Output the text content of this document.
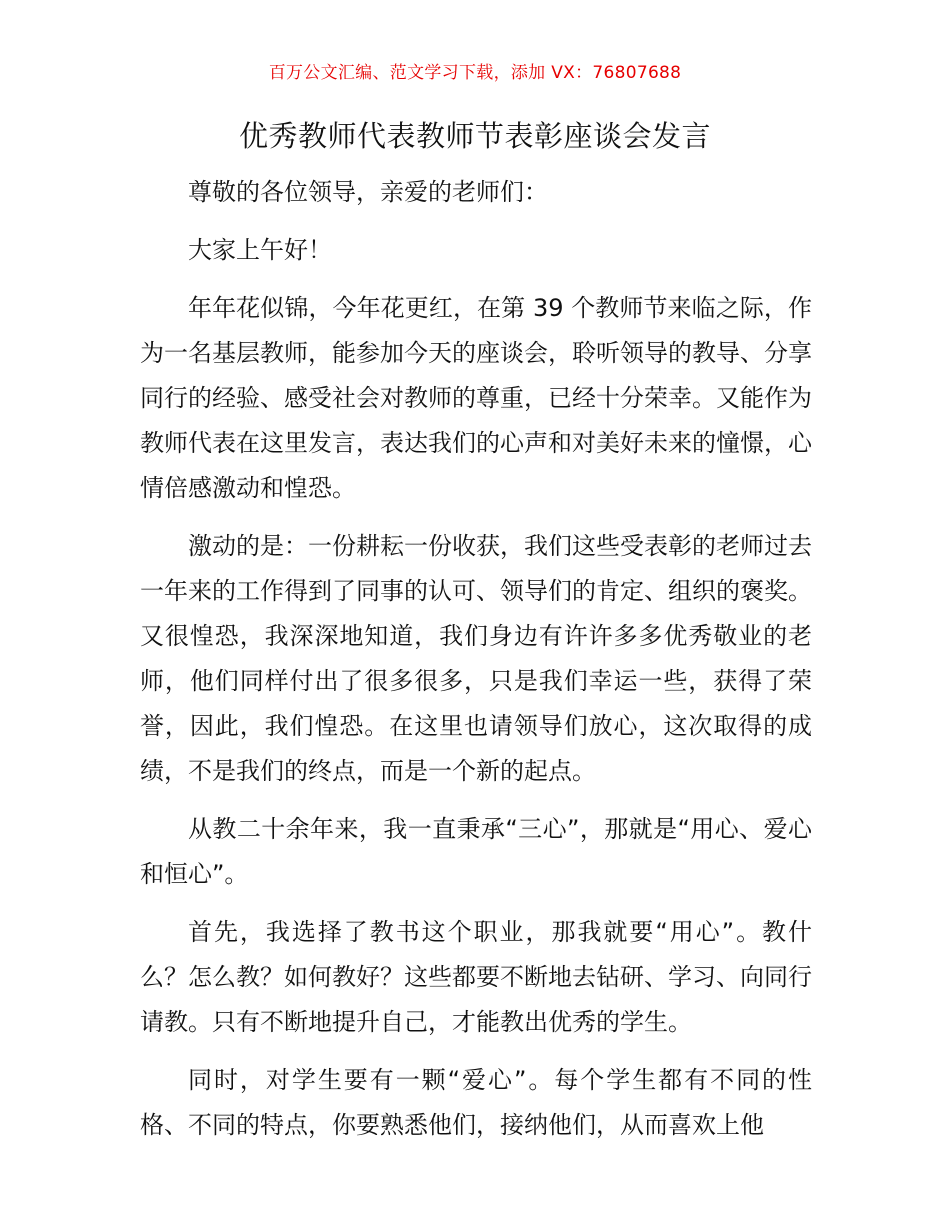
百万公文汇编、范文学习下载，添加 VX：76807688
优秀教师代表教师节表彰座谈会发言

尊敬的各位领导，亲爱的老师们：

大家上午好！

年年花似锦，今年花更红，在第 39 个教师节来临之际，作为一名基层教师，能参加今天的座谈会，聆听领导的教导、分享同行的经验、感受社会对教师的尊重，已经十分荣幸。又能作为教师代表在这里发言，表达我们的心声和对美好未来的憧憬，心情倍感激动和惶恐。

激动的是：一份耕耘一份收获，我们这些受表彰的老师过去一年来的工作得到了同事的认可、领导们的肯定、组织的褒奖。又很惶恐，我深深地知道，我们身边有许许多多优秀敬业的老师，他们同样付出了很多很多，只是我们幸运一些，获得了荣誉，因此，我们惶恐。在这里也请领导们放心，这次取得的成绩，不是我们的终点，而是一个新的起点。

从教二十余年来，我一直秉承“三心”，那就是“用心、爱心和恒心”。

首先，我选择了教书这个职业，那我就要“用心”。教什么？怎么教？如何教好？这些都要不断地去钻研、学习、向同行请教。只有不断地提升自己，才能教出优秀的学生。

同时，对学生要有一颗“爱心”。每个学生都有不同的性格、不同的特点，你要熟悉他们，接纳他们，从而喜欢上他
